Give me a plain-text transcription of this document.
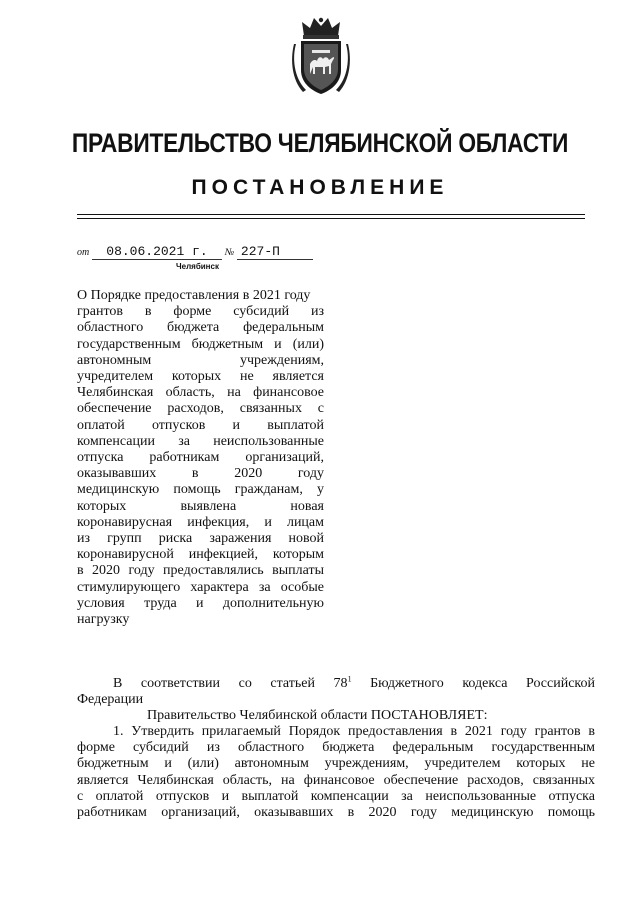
ПРАВИТЕЛЬСТВО ЧЕЛЯБИНСКОЙ ОБЛАСТИ
ПОСТАНОВЛЕНИЕ
от 08.06.2021 г. № 227-П
Челябинск

О Порядке предоставления в 2021 году

грантов в форме субсидий из

областного бюджета федеральным

государственным бюджетным и (или)

автономным учреждениям,

учредителем которых не является

Челябинская область, на финансовое

обеспечение расходов, связанных с

оплатой отпусков и выплатой

компенсации за неиспользованные

отпуска работникам организаций,

оказывавших в 2020 году

медицинскую помощь гражданам, у

которых выявлена новая

коронавирусная инфекция, и лицам

из групп риска заражения новой

коронавирусной инфекцией, которым

в 2020 году предоставлялись выплаты

стимулирующего характера за особые

условия труда и дополнительную

нагрузку

В соответствии со статьей $78^1$ Бюджетного кодекса Российской

Федерации

Правительство Челябинской области ПОСТАНОВЛЯЕТ:

1. Утвердить прилагаемый Порядок предоставления в 2021 году грантов в

форме субсидий из областного бюджета федеральным государственным

бюджетным и (или) автономным учреждениям, учредителем которых не

является Челябинская область, на финансовое обеспечение расходов, связанных

с оплатой отпусков и выплатой компенсации за неиспользованные отпуска

работникам организаций, оказывавших в 2020 году медицинскую помощь
